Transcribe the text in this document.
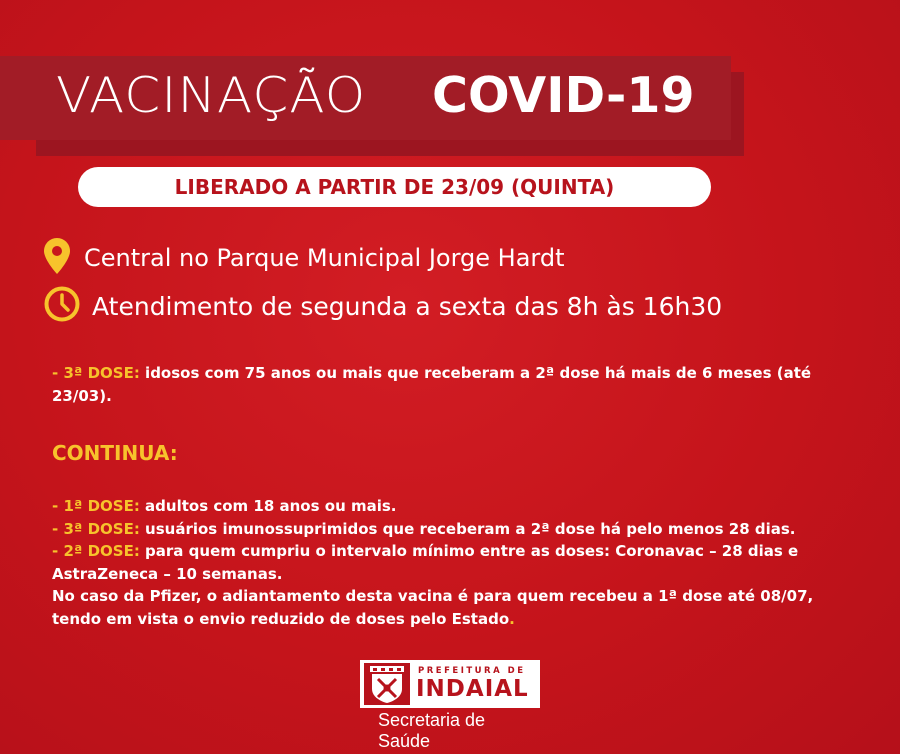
VACINAÇÃO COVID-19
LIBERADO A PARTIR DE 23/09 (QUINTA)
Central no Parque Municipal Jorge Hardt
Atendimento de segunda a sexta das 8h às 16h30
- 3ª DOSE: idosos com 75 anos ou mais que receberam a 2ª dose há mais de 6 meses (até
23/03).
CONTINUA:
- 1ª DOSE: adultos com 18 anos ou mais.
- 3ª DOSE: usuários imunossuprimidos que receberam a 2ª dose há pelo menos 28 dias.
- 2ª DOSE: para quem cumpriu o intervalo mínimo entre as doses: Coronavac – 28 dias e
AstraZeneca – 10 semanas.
No caso da Pfizer, o adiantamento desta vacina é para quem recebeu a 1ª dose até 08/07,
tendo em vista o envio reduzido de doses pelo Estado.
PREFEITURA DE
INDAIAL
Secretaria de Saúde
